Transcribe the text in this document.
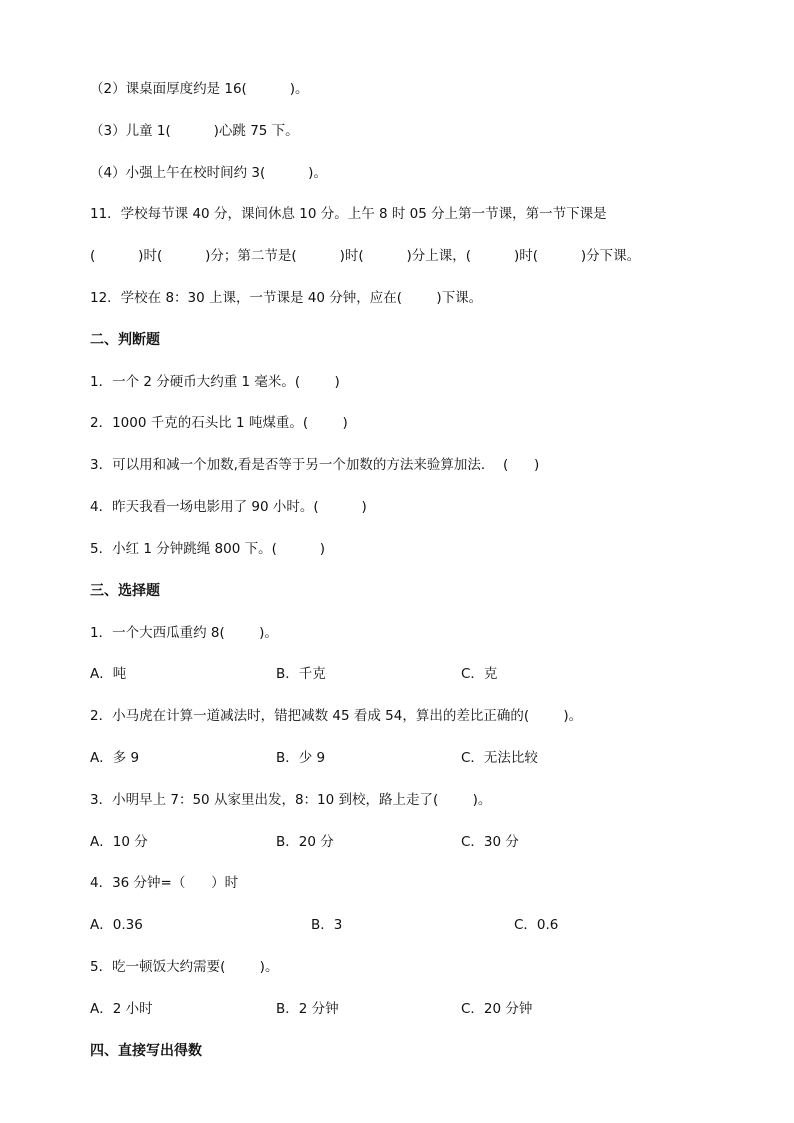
（2）课桌面厚度约是 16(          )。
（3）儿童 1(          )心跳 75 下。
（4）小强上午在校时间约 3(          )。
11．学校每节课 40 分，课间休息 10 分。上午 8 时 05 分上第一节课，第一节下课是
(          )时(          )分；第二节是(          )时(          )分上课，(          )时(          )分下课。
12．学校在 8：30 上课，一节课是 40 分钟，应在(        )下课。
二、判断题
1．一个 2 分硬币大约重 1 毫米。(        )
2．1000 千克的石头比 1 吨煤重。(        )
3．可以用和减一个加数,看是否等于另一个加数的方法来验算加法．  (      )
4．昨天我看一场电影用了 90 小时。(          )
5．小红 1 分钟跳绳 800 下。(          )
三、选择题
1．一个大西瓜重约 8(        )。
A．吨	B．千克	C．克
2．小马虎在计算一道减法时，错把减数 45 看成 54，算出的差比正确的(        )。
A．多 9	B．少 9	C．无法比较
3．小明早上 7：50 从家里出发，8：10 到校，路上走了(        )。
A．10 分	B．20 分	C．30 分
4．36 分钟=（      ）时
A．0.36	B．3	C．0.6
5．吃一顿饭大约需要(        )。
A．2 小时	B．2 分钟	C．20 分钟
四、直接写出得数
